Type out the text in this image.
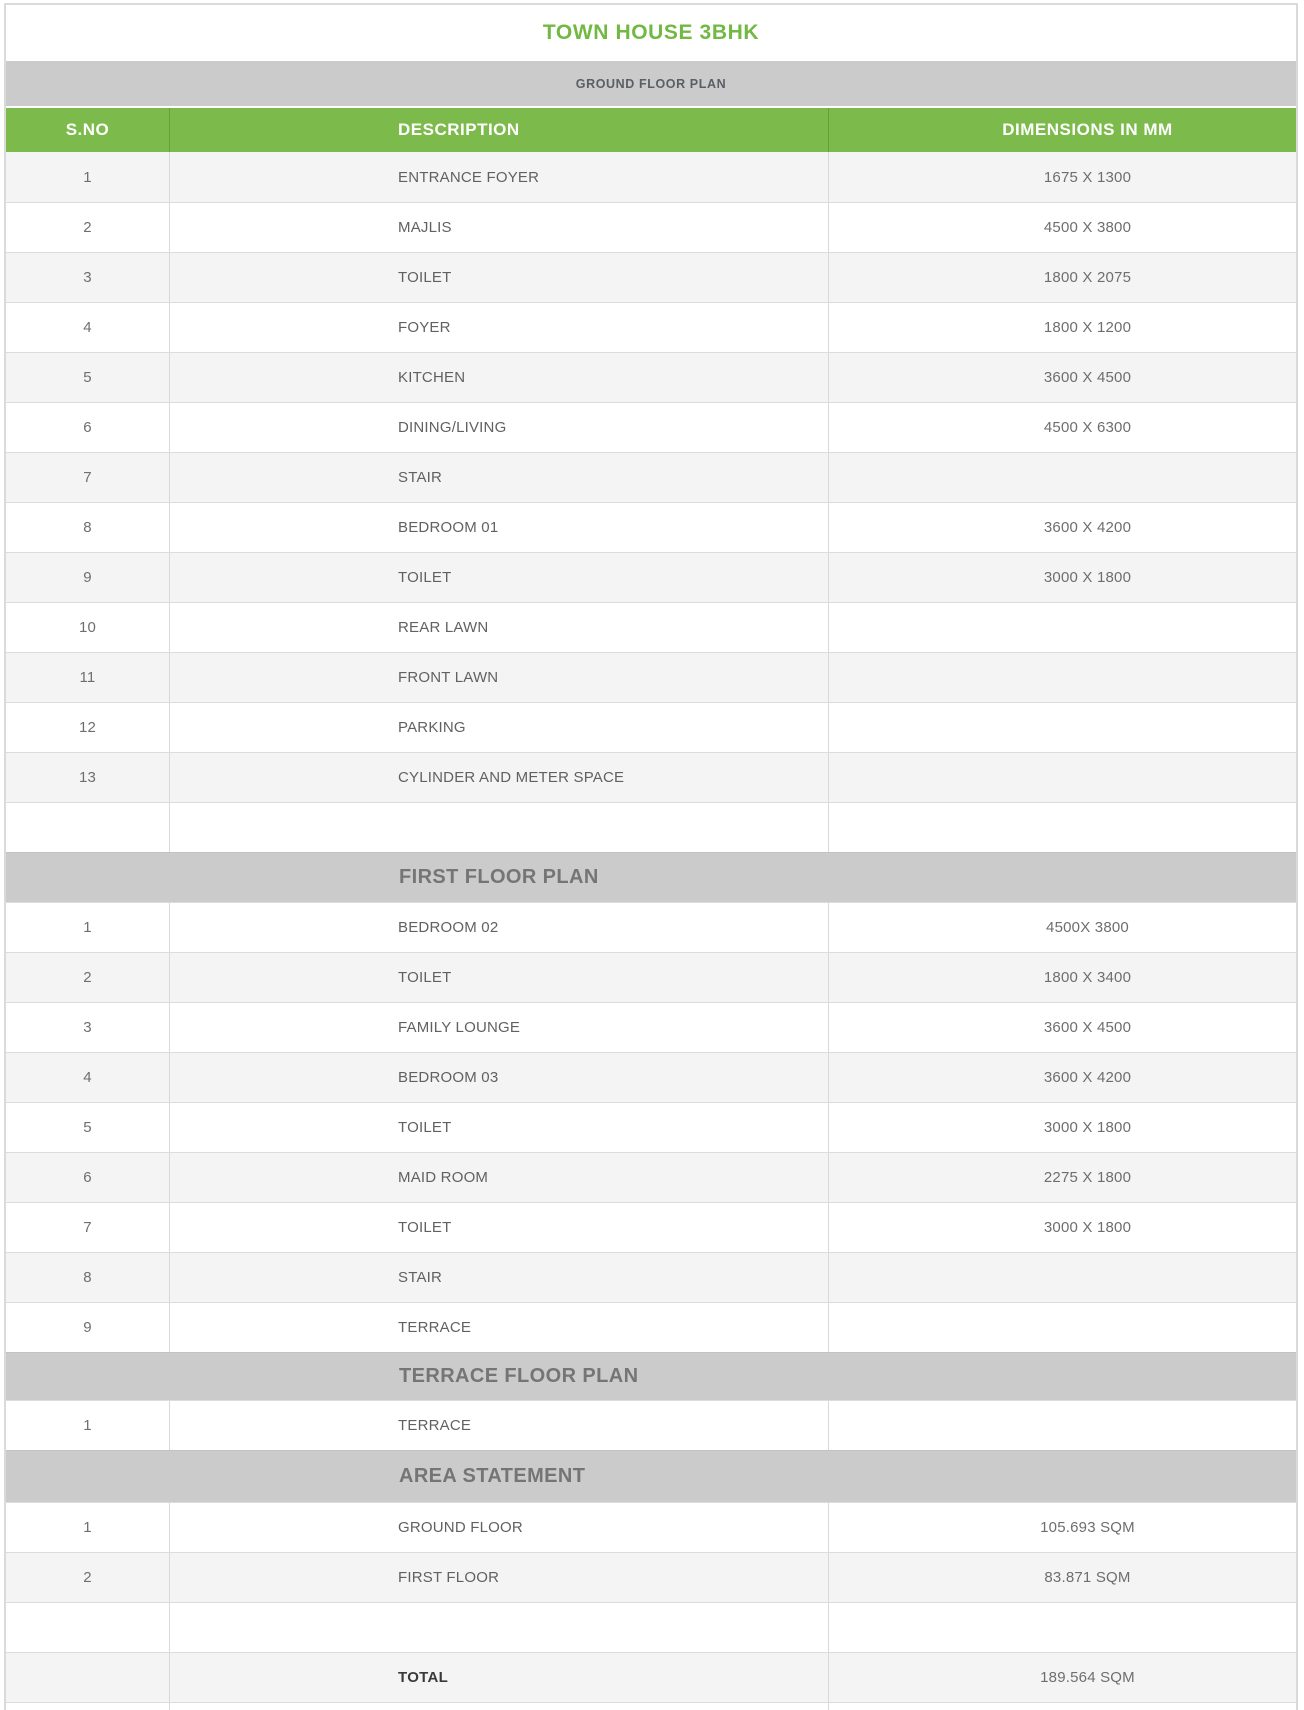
TOWN HOUSE 3BHK
GROUND FLOOR PLAN
S.NO	DESCRIPTION	DIMENSIONS IN MM
1	ENTRANCE FOYER	1675 X 1300
2	MAJLIS	4500 X 3800
3	TOILET	1800 X 2075
4	FOYER	1800 X 1200
5	KITCHEN	3600 X 4500
6	DINING/LIVING	4500 X 6300
7	STAIR
8	BEDROOM 01	3600 X 4200
9	TOILET	3000 X 1800
10	REAR LAWN
11	FRONT LAWN
12	PARKING
13	CYLINDER AND METER SPACE
FIRST FLOOR PLAN
1	BEDROOM 02	4500X 3800
2	TOILET	1800 X 3400
3	FAMILY LOUNGE	3600 X 4500
4	BEDROOM 03	3600 X 4200
5	TOILET	3000 X 1800
6	MAID ROOM	2275 X 1800
7	TOILET	3000 X 1800
8	STAIR
9	TERRACE
TERRACE FLOOR PLAN
1	TERRACE
AREA STATEMENT
1	GROUND FLOOR	105.693 SQM
2	FIRST FLOOR	83.871 SQM
TOTAL	189.564 SQM
